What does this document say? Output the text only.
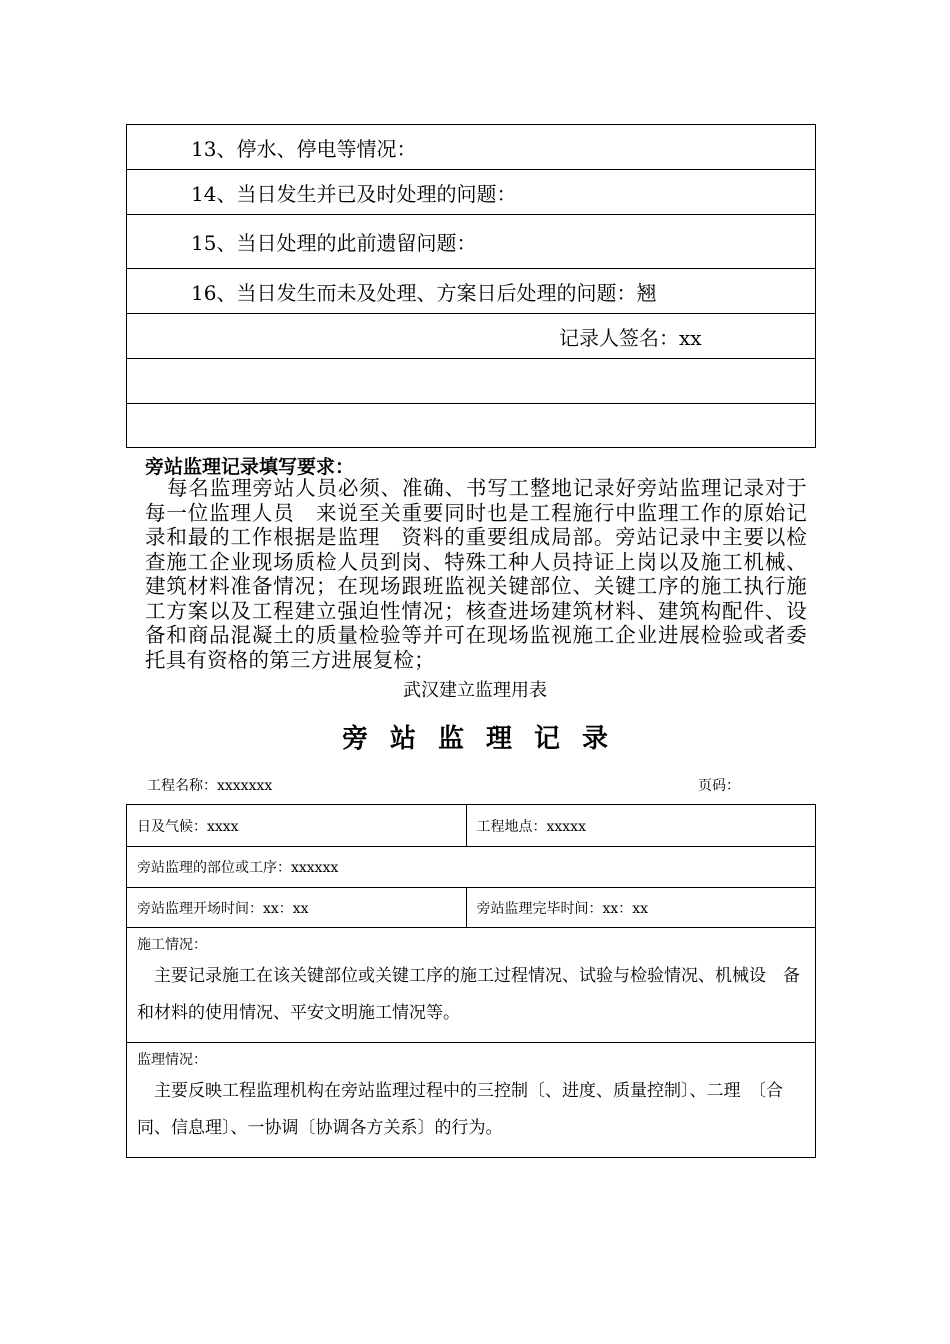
13、停水、停电等情况：
14、当日发生并已及时处理的问题：
15、当日处理的此前遗留问题：
16、当日发生而未及处理、方案日后处理的问题：翘
记录人签名：xx

旁站监理记录填写要求：
每名监理旁站人员必须、准确、书写工整地记录好旁站监理记录对于每一位监理人员　来说至关重要同时也是工程施行中监理工作的原始记录和最的工作根据是监理　资料的重要组成局部。旁站记录中主要以检查施工企业现场质检人员到岗、特殊工种人员持证上岗以及施工机械、建筑材料准备情况；在现场跟班监视关键部位、关键工序的施工执行施工方案以及工程建立强迫性情况；核查进场建筑材料、建筑构配件、设备和商品混凝土的质量检验等并可在现场监视施工企业进展检验或者委托具有资格的第三方进展复检；
武汉建立监理用表
旁站监理记录
工程名称：xxxxxxx	页码：
日及气候：xxxx	工程地点：xxxxx
旁站监理的部位或工序：xxxxxx	
旁站监理开场时间：xx：xx	旁站监理完毕时间：xx：xx

施工情况：
主要记录施工在该关键部位或关键工序的施工过程情况、试验与检验情况、机械设　备和材料的使用情况、平安文明施工情况等。	

监理情况：
主要反映工程监理机构在旁站监理过程中的三控制〔、进度、质量控制〕、二理　〔合同、信息理〕、一协调〔协调各方关系〕的行为。	
